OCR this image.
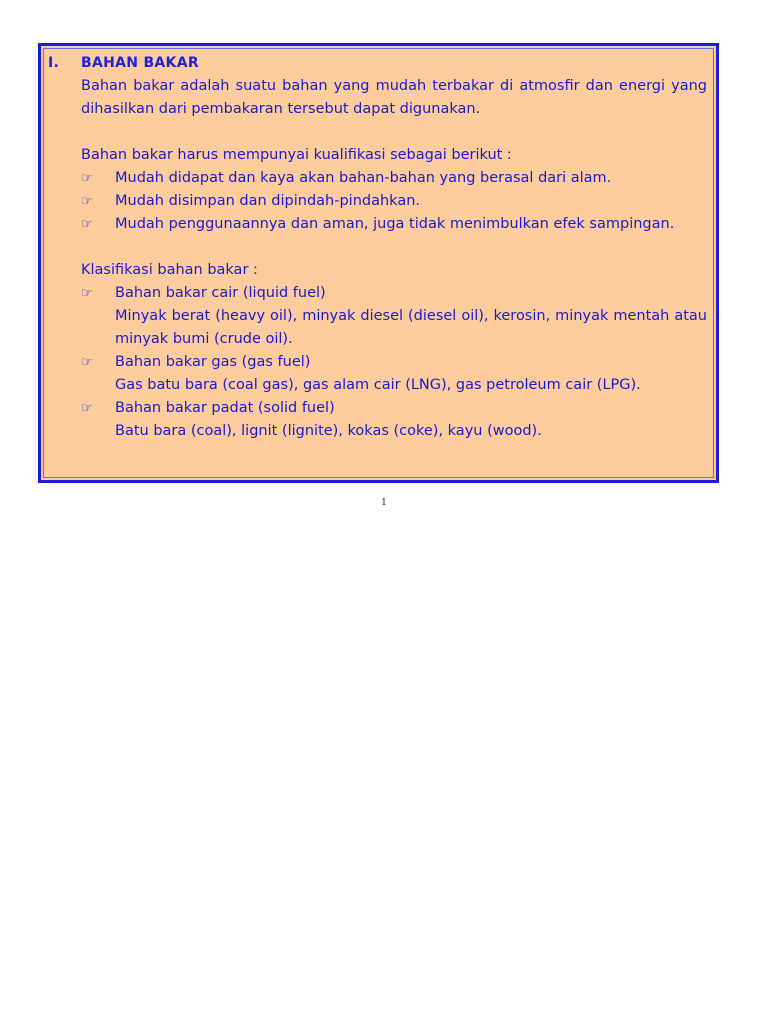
I.	BAHAN BAKAR
Bahan bakar adalah suatu bahan yang mudah terbakar di atmosfir dan energi yang dihasilkan dari pembakaran tersebut dapat digunakan.
Bahan bakar harus mempunyai kualifikasi sebagai berikut :
☞	Mudah didapat dan kaya akan bahan-bahan yang berasal dari alam.
☞	Mudah disimpan dan dipindah-pindahkan.
☞	Mudah penggunaannya dan aman, juga tidak menimbulkan efek sampingan.
Klasifikasi bahan bakar :
☞	Bahan bakar cair (liquid fuel)
Minyak berat (heavy oil), minyak diesel (diesel oil), kerosin, minyak mentah atau minyak bumi (crude oil).
☞	Bahan bakar gas (gas fuel)
Gas batu bara (coal gas), gas alam cair (LNG), gas petroleum cair (LPG).
☞	Bahan bakar padat (solid fuel)
Batu bara (coal), lignit (lignite), kokas (coke), kayu (wood).
1
